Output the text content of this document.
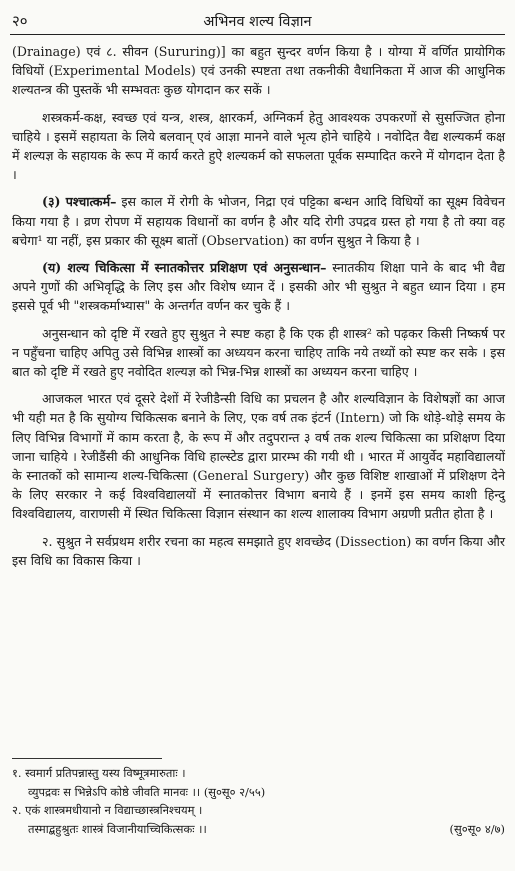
२०	अभिनव शल्य विज्ञान

(Drainage) एवं ८. सीवन (Sururing)] का बहुत सुन्दर वर्णन किया है । योग्या में वर्णित प्रायोगिक विधियों (Experimental Models) एवं उनकी स्पष्टता तथा तकनीकी वैधानिकता में आज की आधुनिक शल्यतन्त्र की पुस्तकें भी सम्भवतः कुछ योगदान कर सकें ।

शस्त्रकर्म-कक्ष, स्वच्छ एवं यन्त्र, शस्त्र, क्षारकर्म, अग्निकर्म हेतु आवश्यक उपकरणों से सुसज्जित होना चाहिये । इसमें सहायता के लिये बलवान् एवं आज्ञा मानने वाले भृत्य होने चाहिये । नवोदित वैद्य शल्यकर्म कक्ष में शल्यज्ञ के सहायक के रूप में कार्य करते हुऐ शल्यकर्म को सफलता पूर्वक सम्पादित करने में योगदान देता है ।

(३) पश्चात्कर्म– इस काल में रोगी के भोजन, निद्रा एवं पट्टिका बन्धन आदि विधियों का सूक्ष्म विवेचन किया गया है । व्रण रोपण में सहायक विधानों का वर्णन है और यदि रोगी उपद्रव ग्रस्त हो गया है तो क्या वह बचेगा¹ या नहीं, इस प्रकार की सूक्ष्म बातों (Observation) का वर्णन सुश्रुत ने किया है ।

(य) शल्य चिकित्सा में स्नातकोत्तर प्रशिक्षण एवं अनुसन्धान– स्नातकीय शिक्षा पाने के बाद भी वैद्य अपने गुणों की अभिवृद्धि के लिए इस और विशेष ध्यान दें । इसकी ओर भी सुश्रुत ने बहुत ध्यान दिया । हम इससे पूर्व भी "शस्त्रकर्माभ्यास" के अन्तर्गत वर्णन कर चुके हैं ।

अनुसन्धान को दृष्टि में रखते हुए सुश्रुत ने स्पष्ट कहा है कि एक ही शास्त्र² को पढ़कर किसी निष्कर्ष पर न पहुँचना चाहिए अपितु उसे विभिन्न शास्त्रों का अध्ययन करना चाहिए ताकि नये तथ्यों को स्पष्ट कर सके । इस बात को दृष्टि में रखते हुए नवोदित शल्यज्ञ को भिन्न-भिन्न शास्त्रों का अध्ययन करना चाहिए ।

आजकल भारत एवं दूसरे देशों में रेजीडैन्सी विधि का प्रचलन है और शल्यविज्ञान के विशेषज्ञों का आज भी यही मत है कि सुयोग्य चिकित्सक बनाने के लिए, एक वर्ष तक इंटर्न (Intern) जो कि थोड़े-थोड़े समय के लिए विभिन्न विभागों में काम करता है, के रूप में और तदुपरान्त ३ वर्ष तक शल्य चिकित्सा का प्रशिक्षण दिया जाना चाहिये । रेजीडैंसी की आधुनिक विधि हाल्स्टेड द्वारा प्रारम्भ की गयी थी । भारत में आयुर्वेद महाविद्यालयों के स्नातकों को सामान्य शल्य-चिकित्सा (General Surgery) और कुछ विशिष्ट शाखाओं में प्रशिक्षण देने के लिए सरकार ने कई विश्वविद्यालयों में स्नातकोत्तर विभाग बनाये हैं । इनमें इस समय काशी हिन्दु विश्वविद्यालय, वाराणसी में स्थित चिकित्सा विज्ञान संस्थान का शल्य शालाक्य विभाग अग्रणी प्रतीत होता है ।

२. सुश्रुत ने सर्वप्रथम शरीर रचना का महत्व समझाते हुए शवच्छेद (Dissection) का वर्णन किया और इस विधि का विकास किया ।

१. स्वमार्ग प्रतिपन्नास्तु यस्य विष्मूत्रमारुताः ।
व्युपद्रवः स भिन्नेऽपि कोष्ठे जीवति मानवः ।। (सु०सू० २/५५)
२. एकं शास्त्रमधीयानो न विद्याच्छास्त्रनिश्चयम् ।
तस्माद्बहुश्रुतः शास्त्रं विजानीयाच्चिकित्सकः ।।	(सु०सू० ४/७)
